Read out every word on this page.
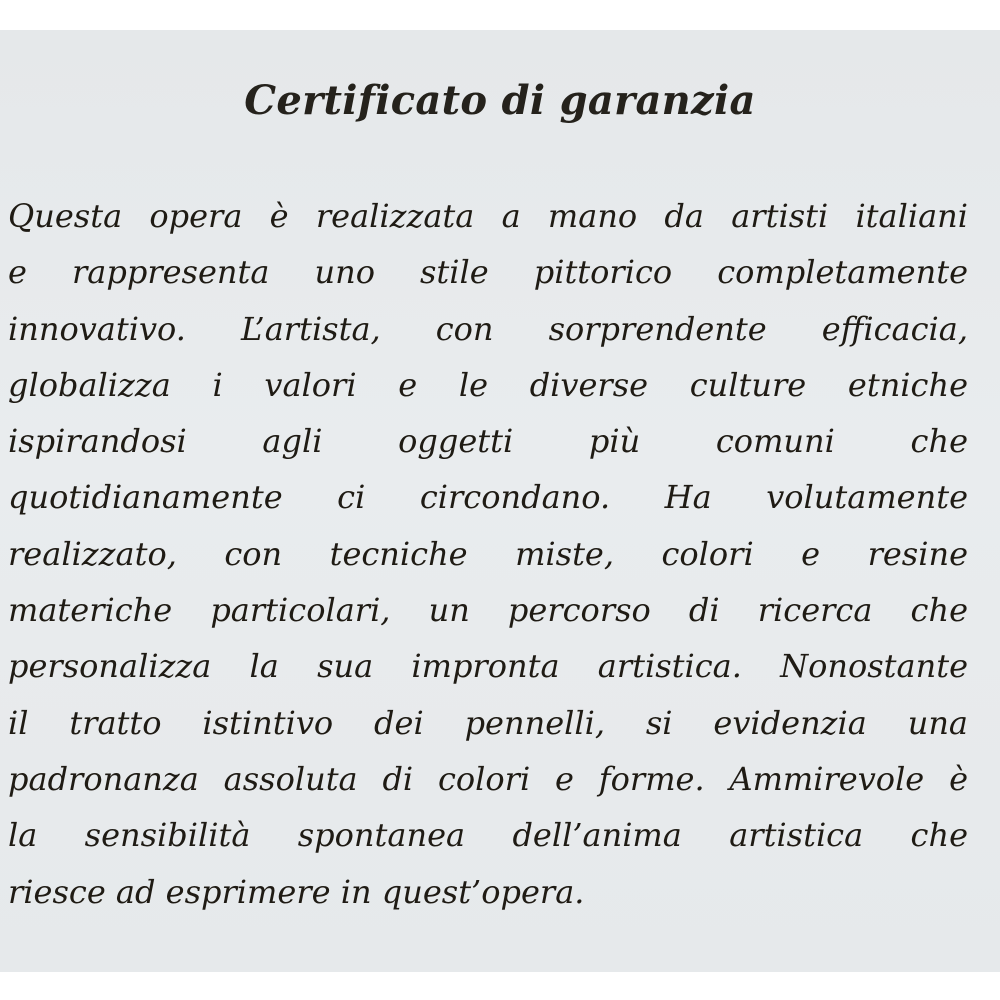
Certificato di garanzia

Questa opera è realizzata a mano da artisti italiani
e rappresenta uno stile pittorico completamente
innovativo. L’artista, con sorprendente efficacia,
globalizza i valori e le diverse culture etniche
ispirandosi agli oggetti più comuni che
quotidianamente ci circondano. Ha volutamente
realizzato, con tecniche miste, colori e resine
materiche particolari, un percorso di ricerca che
personalizza la sua impronta artistica. Nonostante
il tratto istintivo dei pennelli, si evidenzia una
padronanza assoluta di colori e forme. Ammirevole è
la sensibilità spontanea dell’anima artistica che
riesce ad esprimere in quest’opera.
